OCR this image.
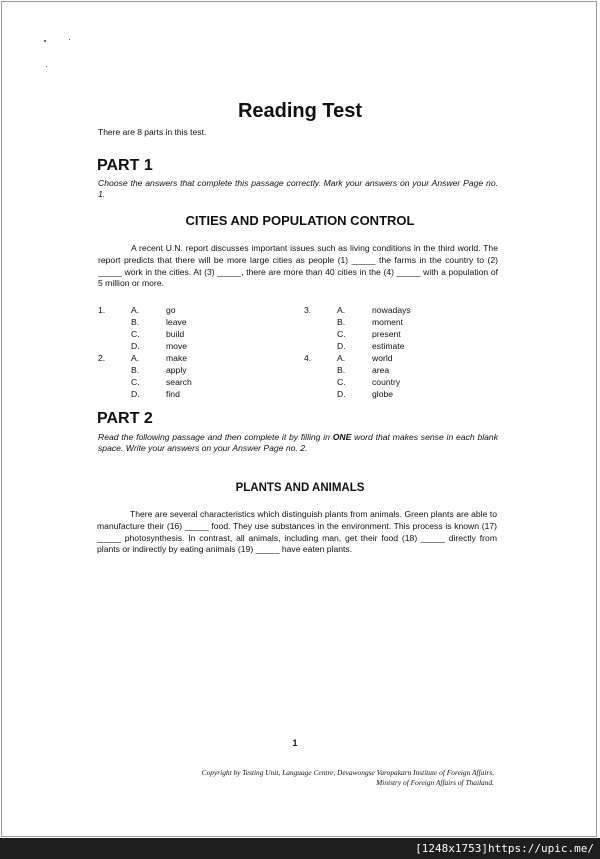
Reading Test
There are 8 parts in this test.
PART 1
Choose the answers that complete this passage correctly. Mark your answers on your Answer Page no. 1.
CITIES AND POPULATION CONTROL
A recent U.N. report discusses important issues such as living conditions in the third world. The report predicts that there will be more large cities as people (1) _____ the farms in the country to (2) _____ work in the cities. At (3) _____, there are more than 40 cities in the (4) _____ with a population of 5 million or more.
1.	A.	go
B.	leave
C.	build
D.	move
2.	A.	make
B.	apply
C.	search
D.	find
3.	A.	nowadays
B.	moment
C.	present
D.	estimate
4.	A.	world
B.	area
C.	country
D.	globe
PART 2
Read the following passage and then complete it by filling in ONE word that makes sense in each blank space. Write your answers on your Answer Page no. 2.
PLANTS AND ANIMALS
There are several characteristics which distinguish plants from animals. Green plants are able to manufacture their (16) _____ food. They use substances in the environment. This process is known (17) _____ photosynthesis. In contrast, all animals, including man, get their food (18) _____ directly from plants or indirectly by eating animals (19) _____ have eaten plants.
1
Copyright by Testing Unit, Language Centre, Devawongse Varopakarn Institute of Foreign Affairs,
Ministry of Foreign Affairs of Thailand.
[1248x1753]https://upic.me/
